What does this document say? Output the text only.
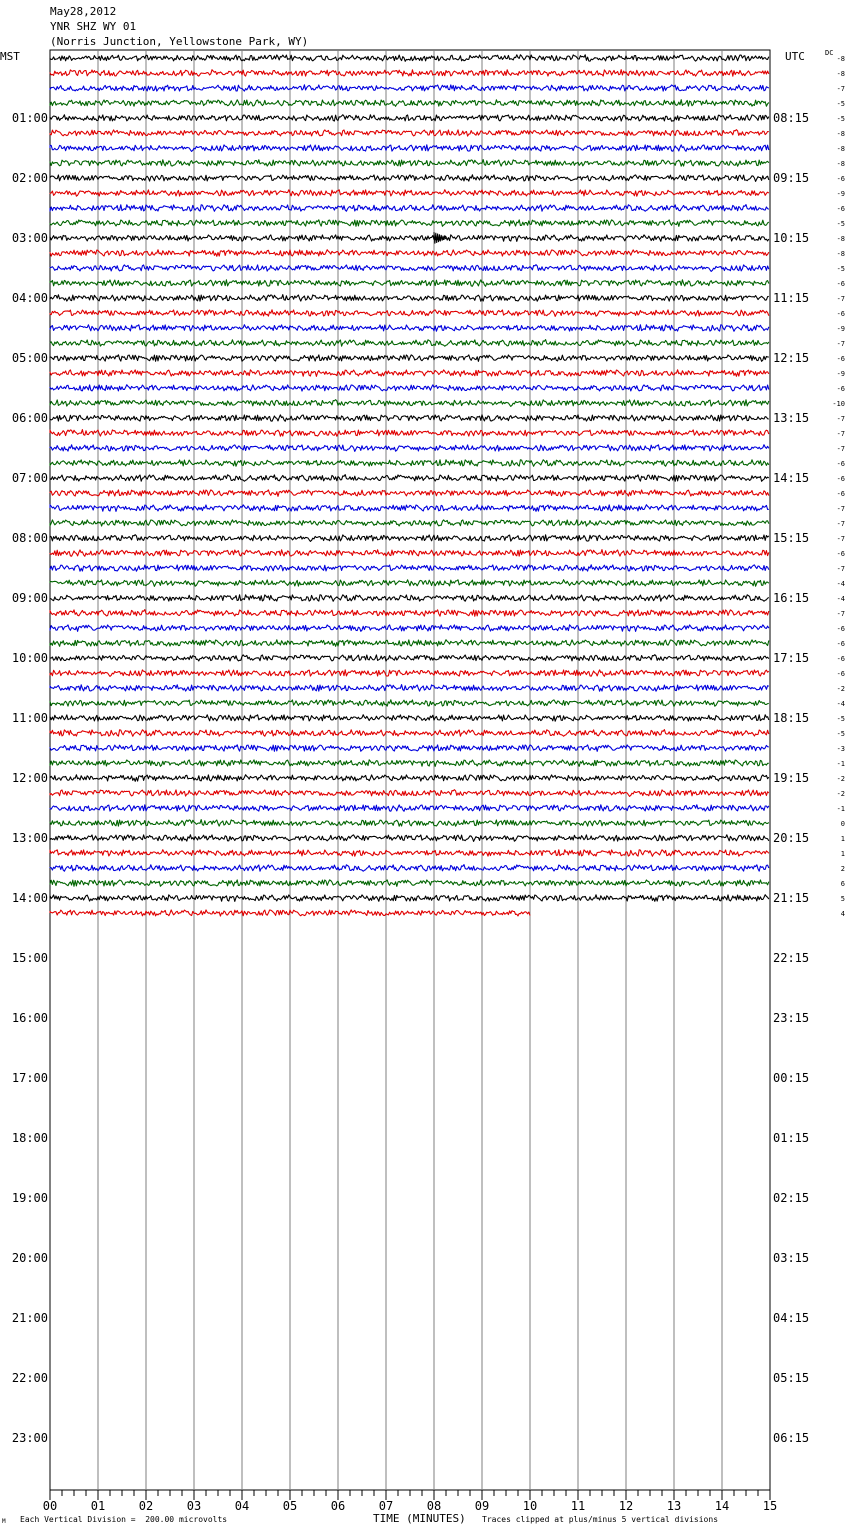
May28,2012
YNR SHZ WY 01
(Norris Junction, Yellowstone Park, WY)
MST	UTC	DC
01:00
02:00
03:00
04:00
05:00
06:00
07:00
08:00
09:00
10:00
11:00
12:00
13:00
14:00
15:00
16:00
17:00
18:00
19:00
20:00
21:00
22:00
23:00
08:15
09:15
10:15
11:15
12:15
13:15
14:15
15:15
16:15
17:15
18:15
19:15
20:15
21:15
22:15
23:15
00:15
01:15
02:15
03:15
04:15
05:15
06:15
-8
-8
-7
-5
-5
-8
-8
-8
-6
-9
-6
-5
-8
-8
-5
-6
-7
-6
-9
-7
-6
-9
-6
-10
-7
-7
-7
-6
-6
-6
-7
-7
-7
-6
-7
-4
-4
-7
-6
-6
-6
-6
-2
-4
-5
-5
-3
-1
-2
-2
-1
0
1
1
2
6
5
4
00	01	02	03	04	05	06	07	08	09	10	11	12	13	14	15
M Each Vertical Division =  200.00 microvolts	TIME (MINUTES) Traces clipped at plus/minus 5 vertical divisions
